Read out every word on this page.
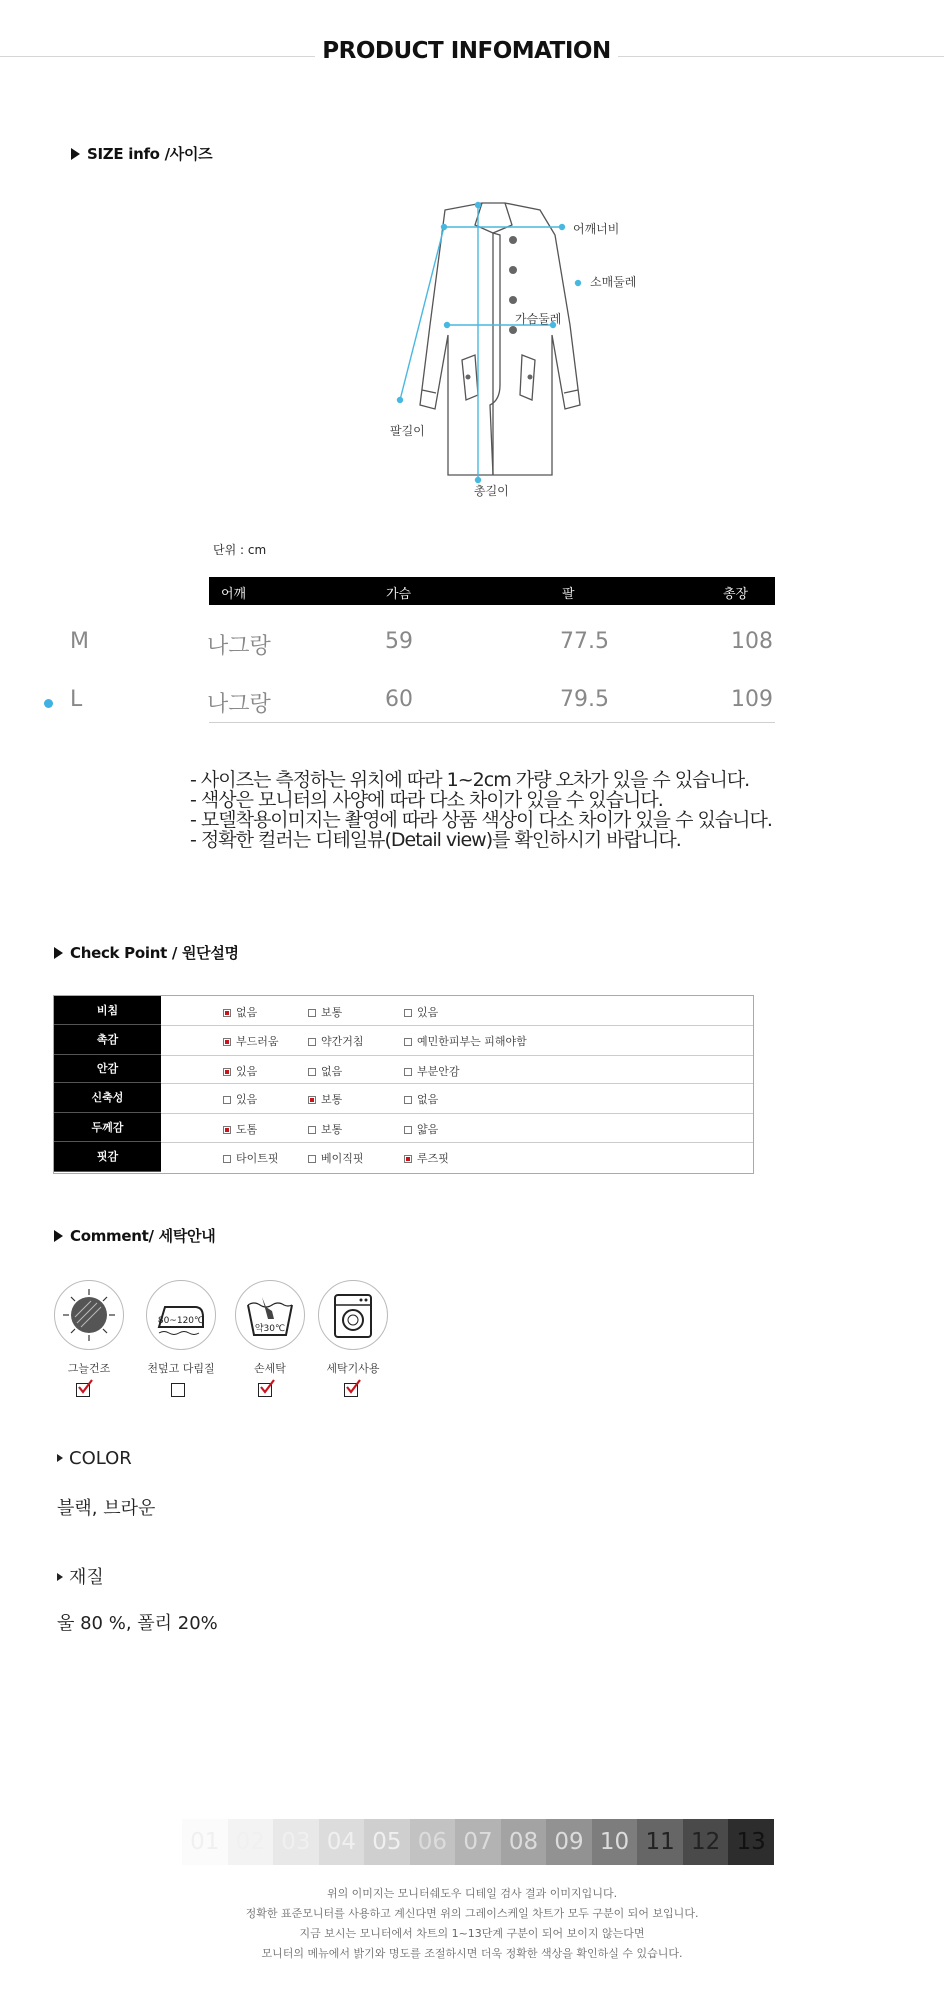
PRODUCT INFOMATION
SIZE info /사이즈
어깨너비
소매둘레
가슴둘레
팔길이
총길이
단위 : cm
어깨	가슴	팔	총장
M	나그랑	59	77.5	108
L	나그랑	60	79.5	109
- 사이즈는 측정하는 위치에 따라 1~2cm 가량 오차가 있을 수 있습니다.
- 색상은 모니터의 사양에 따라 다소 차이가 있을 수 있습니다.
- 모델착용이미지는 촬영에 따라 상품 색상이 다소 차이가 있을 수 있습니다.
- 정확한 컬러는 디테일뷰(Detail view)를 확인하시기 바랍니다.
Check Point / 원단설명
비침	없음	보통	있음
촉감	부드러움	약간거침	예민한피부는 피해야함
안감	있음	없음	부분안감
신축성	있음	보통	없음
두께감	도톰	보통	얇음
핏감	타이트핏	베이직핏	루즈핏
Comment/ 세탁안내
80~120℃
약30℃
그늘건조	천덮고 다림질	손세탁	세탁기사용
COLOR
블랙, 브라운
재질
울 80 %, 폴리 20%
01 02 03 04 05 06 07 08 09 10 11 12 13
위의 이미지는 모니터쉐도우 디테일 검사 결과 이미지입니다.
정확한 표준모니터를 사용하고 계신다면 위의 그레이스케일 차트가 모두 구분이 되어 보입니다.
지금 보시는 모니터에서 차트의 1~13단계 구분이 되어 보이지 않는다면
모니터의 메뉴에서 밝기와 명도를 조절하시면 더욱 정확한 색상을 확인하실 수 있습니다.
